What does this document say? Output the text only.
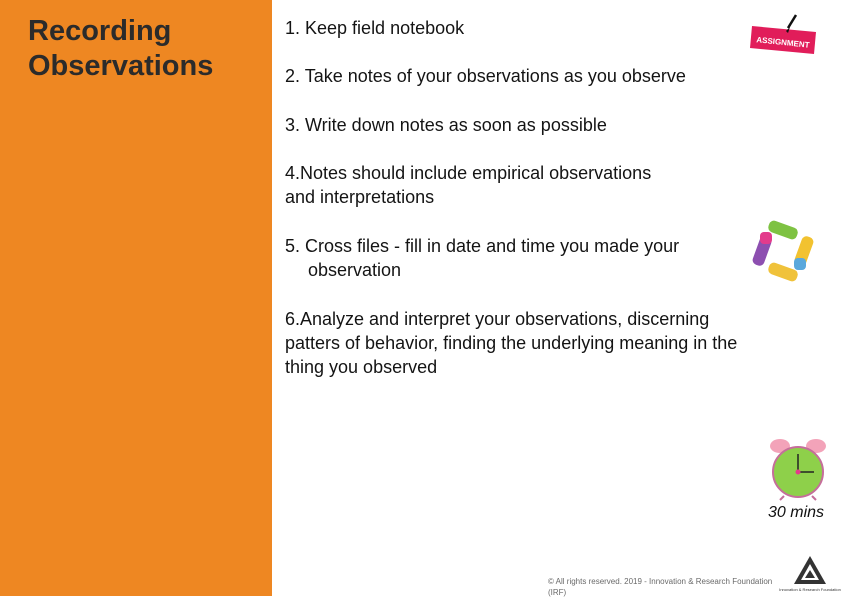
Recording
Observations
1. Keep field notebook
2. Take notes of your observations as you observe
3. Write down notes as soon as possible
4.Notes should include empirical observations
and interpretations
5. Cross files - fill in date and time you made your
observation
6.Analyze and interpret your observations, discerning
patters of behavior, finding the underlying meaning in the
thing you observed
ASSIGNMENT
30 mins
© All rights reserved. 2019 - Innovation & Research Foundation
(IRF)	Innovation & Research Foundation
